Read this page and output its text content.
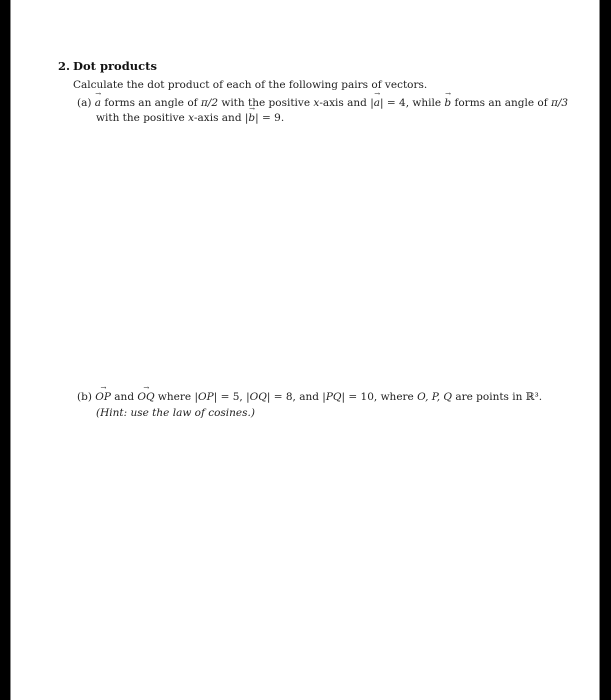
2. Dot products
Calculate the dot product of each of the following pairs of vectors.
(a) → a forms an angle of π/2 with the positive x-axis and |→ a| = 4, while → b forms an angle of π/3
with the positive x-axis and |→ b| = 9.
(b) → OP and → OQ where |OP| = 5, |OQ| = 8, and |PQ| = 10, where O, P, Q are points in ℝ³.
(Hint: use the law of cosines.)
